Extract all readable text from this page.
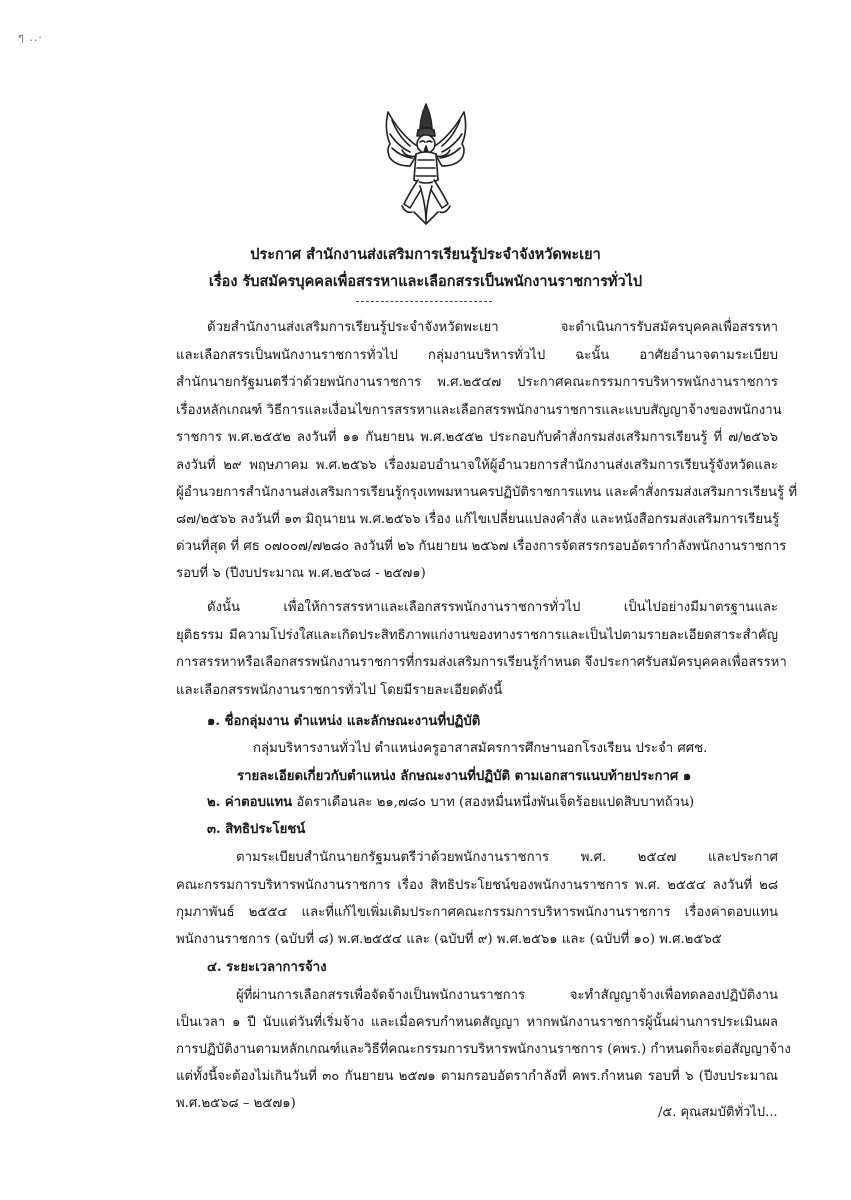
ๆ ..·
ประกาศ สำนักงานส่งเสริมการเรียนรู้ประจำจังหวัดพะเยา
เรื่อง รับสมัครบุคคลเพื่อสรรหาและเลือกสรรเป็นพนักงานราชการทั่วไป
ด้วยสำนักงานส่งเสริมการเรียนรู้ประจำจังหวัดพะเยา จะดำเนินการรับสมัครบุคคลเพื่อสรรหา
และเลือกสรรเป็นพนักงานราชการทั่วไป กลุ่มงานบริหารทั่วไป ฉะนั้น อาศัยอำนาจตามระเบียบ
สำนักนายกรัฐมนตรีว่าด้วยพนักงานราชการ พ.ศ.๒๕๔๗ ประกาศคณะกรรมการบริหารพนักงานราชการ
เรื่องหลักเกณฑ์ วิธีการและเงื่อนไขการสรรหาและเลือกสรรพนักงานราชการและแบบสัญญาจ้างของพนักงาน
ราชการ พ.ศ.๒๕๕๒ ลงวันที่ ๑๑ กันยายน พ.ศ.๒๕๕๒ ประกอบกับคำสั่งกรมส่งเสริมการเรียนรู้ ที่ ๗/๒๕๖๖
ลงวันที่ ๒๙ พฤษภาคม พ.ศ.๒๕๖๖ เรื่องมอบอำนาจให้ผู้อำนวยการสำนักงานส่งเสริมการเรียนรู้จังหวัดและ
ผู้อำนวยการสำนักงานส่งเสริมการเรียนรู้กรุงเทพมหานครปฏิบัติราชการแทน และคำสั่งกรมส่งเสริมการเรียนรู้ ที่
๘๗/๒๕๖๖ ลงวันที่ ๑๓ มิถุนายน พ.ศ.๒๕๖๖ เรื่อง แก้ไขเปลี่ยนแปลงคำสั่ง และหนังสือกรมส่งเสริมการเรียนรู้
ด่วนที่สุด ที่ ศธ ๐๗๐๐๗/๗๒๘๐ ลงวันที่ ๒๖ กันยายน ๒๕๖๗ เรื่องการจัดสรรกรอบอัตรากำลังพนักงานราชการ
รอบที่ ๖ (ปีงบประมาณ พ.ศ.๒๕๖๘ - ๒๕๗๑)
ดังนั้น เพื่อให้การสรรหาและเลือกสรรพนักงานราชการทั่วไป เป็นไปอย่างมีมาตรฐานและ
ยุติธรรม มีความโปร่งใสและเกิดประสิทธิภาพแก่งานของทางราชการและเป็นไปตามรายละเอียดสาระสำคัญ
การสรรหาหรือเลือกสรรพนักงานราชการที่กรมส่งเสริมการเรียนรู้กำหนด จึงประกาศรับสมัครบุคคลเพื่อสรรหา
และเลือกสรรพนักงานราชการทั่วไป โดยมีรายละเอียดดังนี้
๑. ชื่อกลุ่มงาน ตำแหน่ง และลักษณะงานที่ปฏิบัติ
กลุ่มบริหารงานทั่วไป ตำแหน่งครูอาสาสมัครการศึกษานอกโรงเรียน ประจำ ศศช.
รายละเอียดเกี่ยวกับตำแหน่ง ลักษณะงานที่ปฏิบัติ ตามเอกสารแนบท้ายประกาศ ๑
๒. ค่าตอบแทน อัตราเดือนละ ๒๑,๗๘๐ บาท (สองหมื่นหนึ่งพันเจ็ดร้อยแปดสิบบาทถ้วน)
๓. สิทธิประโยชน์
ตามระเบียบสำนักนายกรัฐมนตรีว่าด้วยพนักงานราชการ พ.ศ. ๒๕๔๗ และประกาศ
คณะกรรมการบริหารพนักงานราชการ เรื่อง สิทธิประโยชน์ของพนักงานราชการ พ.ศ. ๒๕๕๔ ลงวันที่ ๒๘
กุมภาพันธ์ ๒๕๕๔ และที่แก้ไขเพิ่มเติมประกาศคณะกรรมการบริหารพนักงานราชการ เรื่องค่าตอบแทน
พนักงานราชการ (ฉบับที่ ๘) พ.ศ.๒๕๕๔ และ (ฉบับที่ ๙) พ.ศ.๒๕๖๑ และ (ฉบับที่ ๑๐) พ.ศ.๒๕๖๕
๔. ระยะเวลาการจ้าง
ผู้ที่ผ่านการเลือกสรรเพื่อจัดจ้างเป็นพนักงานราชการ จะทำสัญญาจ้างเพื่อทดลองปฏิบัติงาน
เป็นเวลา ๑ ปี นับแต่วันที่เริ่มจ้าง และเมื่อครบกำหนดสัญญา หากพนักงานราชการผู้นั้นผ่านการประเมินผล
การปฏิบัติงานตามหลักเกณฑ์และวิธีที่คณะกรรมการบริหารพนักงานราชการ (คพร.) กำหนดก็จะต่อสัญญาจ้าง
แต่ทั้งนี้จะต้องไม่เกินวันที่ ๓๐ กันยายน ๒๕๗๑ ตามกรอบอัตรากำลังที่ คพร.กำหนด รอบที่ ๖ (ปีงบประมาณ
พ.ศ.๒๕๖๘ – ๒๕๗๑)
/๕. คุณสมบัติทั่วไป...
